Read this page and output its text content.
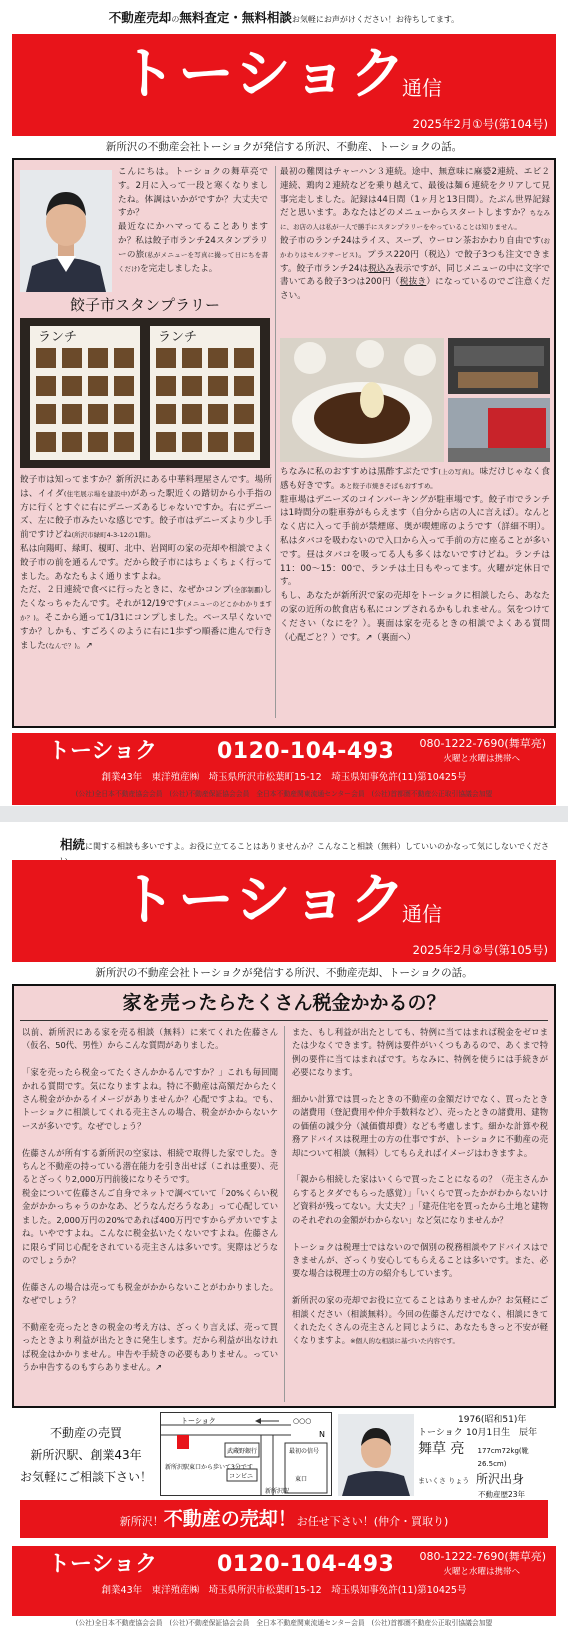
不動産売却の無料査定・無料相談お気軽にお声がけください！お待ちしてます。
トーショク
通信
2025年2月①号(第104号)
新所沢の不動産会社トーショクが発信する所沢、不動産、トーショクの話。
こんにちは。トーショクの舞草亮です。2月に入って一段と寒くなりましたね。体調はいかがですか？大丈夫ですか？
最近なにかハマってることありますか？私は餃子市ランチ24スタンプラリーの旅(私がメニューを写真に撮って日にちを書くだけ)を完走しましたよ。
餃子市スタンプラリー
ランチ	ランチ
餃子市は知ってますか？新所沢にある中華料理屋さんです。場所は、イイダ(住宅展示場を建設中)があった駅近くの踏切から小手指の方に行くとすぐに右にデニーズあるじゃないですか。右にデニーズ、左に餃子市みたいな感じです。餃子市はデニーズより少し手前ですけどね(所沢市緑町4-3-12の1階)。
私は向陽町、緑町、榎町、北中、岩岡町の家の売却や相談でよく餃子市の前を通るんです。だから餃子市にはちょくちょく行ってました。あなたもよく通りますよね。
ただ、２日連続で食べに行ったときに、なぜかコンプ(全部制覇)したくなっちゃたんです。それが12/19です(メニューのどこかわかりますか？)。そこから通って1/31にコンプしました。ペース早くないですか？しかも、すごろくのように右に1歩ずつ順番に進んで行きました(なんで？)。↗
最初の難関はチャーハン３連続。途中、無意味に麻婆2連続、エビ２連続、鶏肉２連続などを乗り越えて、最後は麺６連続をクリアして見事完走しました。記録は44日間（1ヶ月と13日間）。たぶん世界記録だと思います。あなたはどのメニューからスタートしますか？ちなみに、お店の人は私が一人で勝手にスタンプラリーをやっていることは知りません。
餃子市のランチ24はライス、スープ、ウーロン茶おかわり自由です(おかわりはセルフサービス)。プラス220円（税込）で餃子3つも注文できます。餃子市ランチ24は税込み表示ですが、同じメニューの中に文字で書いてある餃子3つは200円（税抜き）になっているのでご注意ください。
ちなみに私のおすすめは黒酢すぶたです(上の写真)。味だけじゃなく食感も好きです。あと餃子市焼きそばもおすすめ。
駐車場はデニーズのコインパーキングが駐車場です。餃子市でランチは1時間分の駐車券がもらえます（自分から店の人に言えば）。なんとなく店に入って手前が禁煙席、奥が喫煙席のようです（詳細不明）。私はタバコを吸わないので入口から入って手前の方に座ることが多いです。昼はタバコを吸ってる人も多くはないですけどね。ランチは11：00〜15：00で、ランチは土日もやってます。火曜が定休日です。
もし、あなたが新所沢で家の売却をトーショクに相談したら、あなたの家の近所の飲食店も私にコンプされるかもしれません。気をつけてください（なにを？）。裏面は家を売るときの相談でよくある質問（心配ごと？）です。↗（裏面へ）
トーショク	0120-104-493 080-1222-7690(舞草亮)
火曜と水曜は携帯へ
創業43年　東洋殖産㈱　埼玉県所沢市松葉町15-12　埼玉県知事免許(11)第10425号
(公社)全日本不動産協会会員　(公社)不動産保証協会会員　全日本不動産関東流通センター会員　(公社)首都圏不動産公正取引協議会加盟
相続に関する相談も多いですよ。お役に立てることはありませんか？こんなこと相談（無料）していいのかなって気にしないでくださ
トーショク
通信
2025年2月②号(第105号)
新所沢の不動産会社トーショクが発信する所沢、不動産売却、トーショクの話。
家を売ったらたくさん税金かかるの？
以前、新所沢にある家を売る相談（無料）に来てくれた佐藤さん（仮名、50代、男性）からこんな質問がありました。

「家を売ったら税金ってたくさんかかるんですか？」これも毎回聞かれる質問です。気になりますよね。特に不動産は高額だからたくさん税金がかかるイメージがありませんか？心配ですよね。でも、トーショクに相談してくれる売主さんの場合、税金がかからないケースが多いです。なぜでしょう？

佐藤さんが所有する新所沢の空家は、相続で取得した家でした。きちんと不動産の持っている潜在能力を引き出せば（これは重要）、売るとざっくり2,000万円前後になりそうです。
税金について佐藤さんご自身でネットで調べていて「20%くらい税金がかかっちゃうのかなあ、どうなんだろうなあ」って心配していました。2,000万円の20%であれば400万円ですからデカいですよね。いやですよね。こんなに税金払いたくないですよね。佐藤さんに限らず同じ心配をされている売主さんは多いです。実際はどうなのでしょうか？

佐藤さんの場合は売っても税金がかからないことがわかりました。なぜでしょう？

不動産を売ったときの税金の考え方は、ざっくり言えば、売って買ったときより利益が出たときに発生します。だから利益が出なければ税金はかかりません。申告や手続きの必要もありません。っていうか申告するのもすらありません。↗
また、もし利益が出たとしても、特例に当てはまれば税金をゼロまたは少なくできます。特例は要件がいくつもあるので、あくまで特例の要件に当てはまればです。ちなみに、特例を使うには手続きが必要になります。

細かい計算では買ったときの不動産の金額だけでなく、買ったときの諸費用（登記費用や仲介手数料など）、売ったときの諸費用、建物の価値の減少分（減価償却費）なども考慮します。細かな計算や税務アドバイスは税理士の方の仕事ですが、トーショクに不動産の売却について相談（無料）してもらえればイメージはわきますよ。

「親から相続した家はいくらで買ったことになるの？（売主さんからするとタダでもらった感覚）」「いくらで買ったかがわからないけど資料が残ってない。大丈夫？」「建売住宅を買ったから土地と建物のそれぞれの金額がわからない」など気になりませんか？

トーショクは税理士ではないので個別の税務相談やアドバイスはできませんが、ざっくり安心してもらえることは多いです。また、必要な場合は税理士の方の紹介もしています。

新所沢の家の売却でお役に立てることはありませんか？お気軽にご相談ください（相談無料）。今回の佐藤さんだけでなく、相談にきてくれたたくさんの売主さんと同じように、あなたもきっと不安が軽くなりますよ。※個人的な相談に基づいた内容です。
不動産の売買
新所沢駅、創業43年
お気軽にご相談下さい！
トーショク	○○○
武蔵野銀行	最初の信号
東口
コンビニ
新所沢駅東口から歩いて3分です
新所沢駅
N
1976(昭和51)年
トーショク 10月1日生　辰年
舞草 亮	177cm72kg(靴26.5cm)
まいくさ りょう 所沢出身
不動産歴23年
新所沢！不動産の売却！お任せ下さい！(仲介・買取り)
トーショク	0120-104-493 080-1222-7690(舞草亮)
火曜と水曜は携帯へ
創業43年　東洋殖産㈱　埼玉県所沢市松葉町15-12　埼玉県知事免許(11)第10425号
(公社)全日本不動産協会会員　(公社)不動産保証協会会員　全日本不動産関東流通センター会員　(公社)首都圏不動産公正取引協議会加盟
